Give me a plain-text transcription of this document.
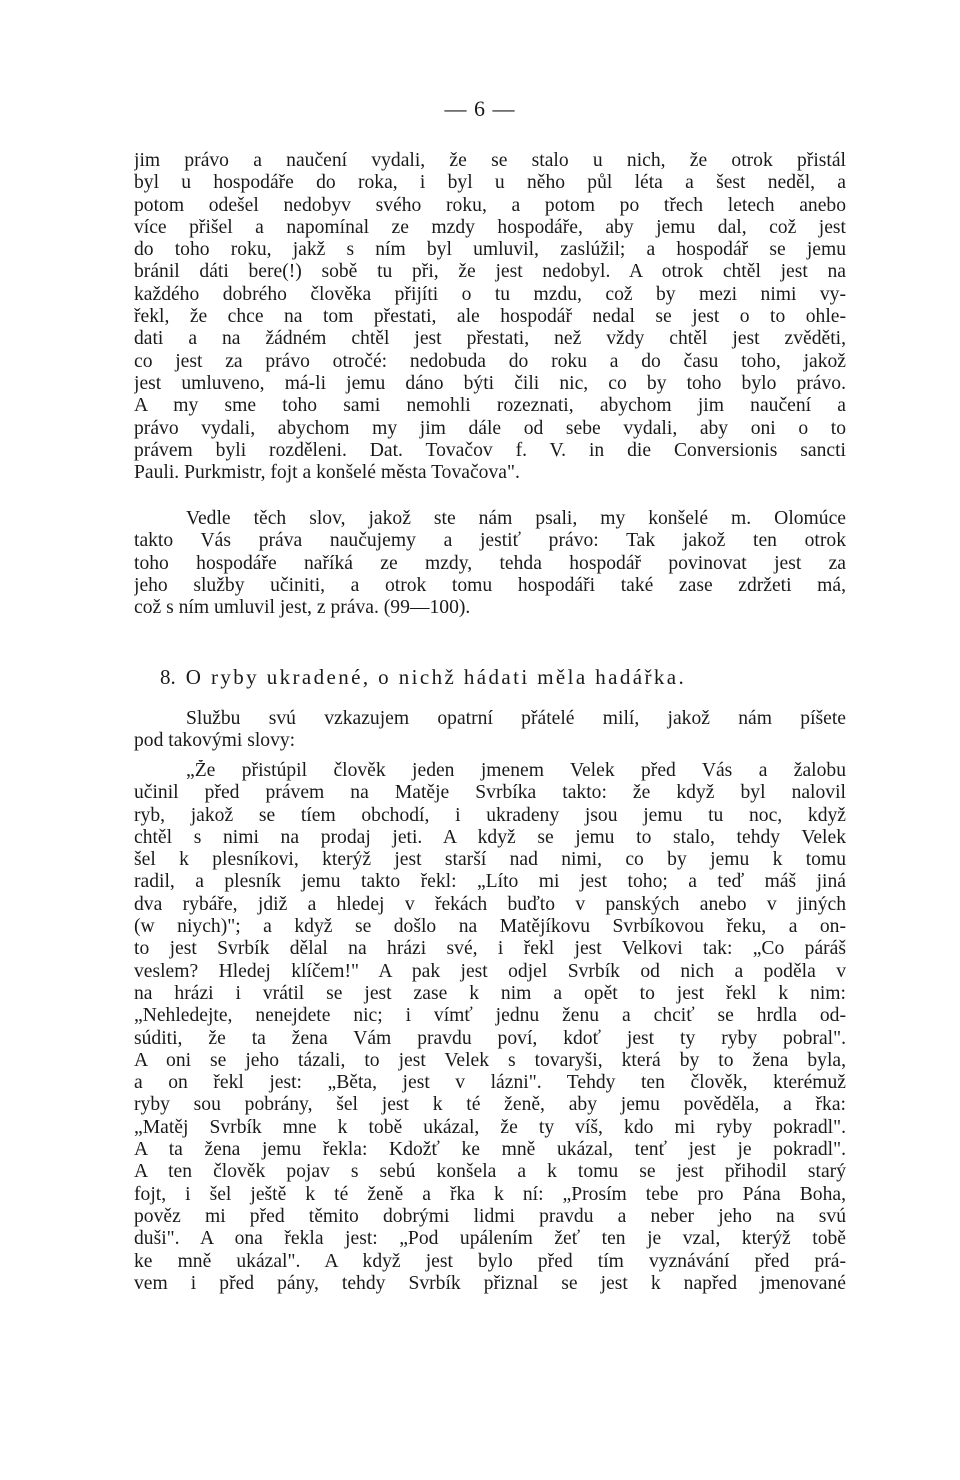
— 6 —
jim právo a naučení vydali, že se stalo u nich, že otrok přistál
byl u hospodáře do roka, i byl u něho půl léta a šest neděl, a
potom odešel nedobyv svého roku, a potom po třech letech anebo
více přišel a napomínal ze mzdy hospodáře, aby jemu dal, což jest
do toho roku, jakž s ním byl umluvil, zaslúžil; a hospodář se jemu
bránil dáti bere(!) sobě tu při, že jest nedobyl. A otrok chtěl jest na
každého dobrého člověka přijíti o tu mzdu, což by mezi nimi vy-
řekl, že chce na tom přestati, ale hospodář nedal se jest o to ohle-
dati a na žádném chtěl jest přestati, než vždy chtěl jest zvěděti,
co jest za právo otročé: nedobuda do roku a do času toho, jakož
jest umluveno, má-li jemu dáno býti čili nic, co by toho bylo právo.
A my sme toho sami nemohli rozeznati, abychom jim naučení a
právo vydali, abychom my jim dále od sebe vydali, aby oni o to
právem byli rozděleni. Dat. Tovačov f. V. in die Conversionis sancti
Pauli. Purkmistr, fojt a konšelé města Tovačova".
Vedle těch slov, jakož ste nám psali, my konšelé m. Olomúce
takto Vás práva naučujemy a jestiť právo: Tak jakož ten otrok
toho hospodáře naříká ze mzdy, tehda hospodář povinovat jest za
jeho služby učiniti, a otrok tomu hospodáři také zase zdržeti má,
což s ním umluvil jest, z práva. (99—100).
8. O ryby ukradené, o nichž hádati měla hadářka.
Službu svú vzkazujem opatrní přátelé milí, jakož nám píšete
pod takovými slovy:
„Že přistúpil člověk jeden jmenem Velek před Vás a žalobu
učinil před právem na Matěje Svrbíka takto: že když byl nalovil
ryb, jakož se tíem obchodí, i ukradeny jsou jemu tu noc, když
chtěl s nimi na prodaj jeti. A když se jemu to stalo, tehdy Velek
šel k plesníkovi, kterýž jest starší nad nimi, co by jemu k tomu
radil, a plesník jemu takto řekl: „Líto mi jest toho; a teď máš jiná
dva rybáře, jdiž a hledej v řekách buďto v panských anebo v jiných
(w niych)"; a když se došlo na Matějíkovu Svrbíkovou řeku, a on-
to jest Svrbík dělal na hrázi své, i řekl jest Velkovi tak: „Co páráš
veslem? Hledej klíčem!" A pak jest odjel Svrbík od nich a poděla v
na hrázi i vrátil se jest zase k nim a opět to jest řekl k nim:
„Nehledejte, nenejdete nic; i vímť jednu ženu a chciť se hrdla od-
súditi, že ta žena Vám pravdu poví, kdoť jest ty ryby pobral".
A oni se jeho tázali, to jest Velek s tovaryši, která by to žena byla,
a on řekl jest: „Běta, jest v lázni". Tehdy ten člověk, kterémuž
ryby sou pobrány, šel jest k té ženě, aby jemu pověděla, a řka:
„Matěj Svrbík mne k tobě ukázal, že ty víš, kdo mi ryby pokradl".
A ta žena jemu řekla: Kdožť ke mně ukázal, tenť jest je pokradl".
A ten člověk pojav s sebú konšela a k tomu se jest přihodil starý
fojt, i šel ještě k té ženě a řka k ní: „Prosím tebe pro Pána Boha,
pověz mi před těmito dobrými lidmi pravdu a neber jeho na svú
duši". A ona řekla jest: „Pod upálením žeť ten je vzal, kterýž tobě
ke mně ukázal". A když jest bylo před tím vyznávání před prá-
vem i před pány, tehdy Svrbík přiznal se jest k napřed jmenované
